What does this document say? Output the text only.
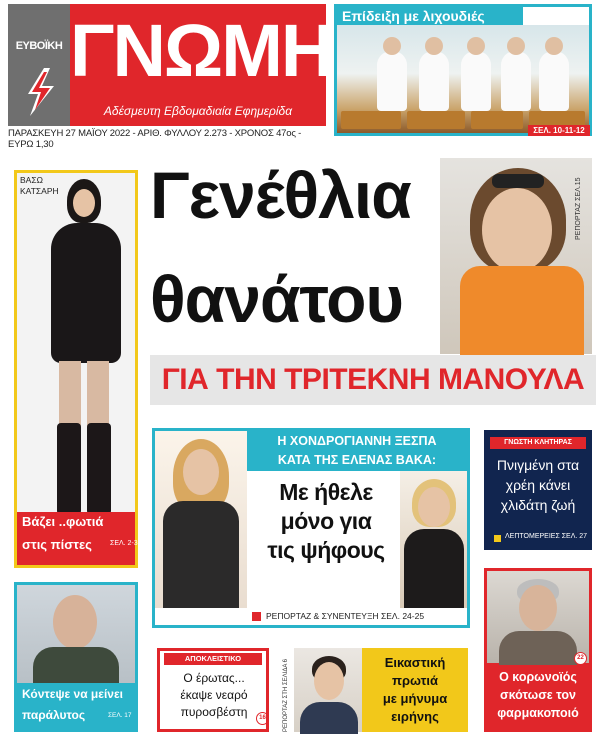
ΕΥΒΟΪΚΗ ΓΝΩΜΗ
Αδέσμευτη Εβδομαδιαία Εφημερίδα
ΠΑΡΑΣΚΕΥΗ 27 ΜΑΪΟΥ 2022 - ΑΡΙΘ. ΦΥΛΛΟΥ 2.273 - ΧΡΟΝΟΣ 47ος - ΕΥΡΩ 1,30
Επίδειξη με λιχουδιές
ΣΕΛ. 10-11-12
ΒΑΣΩ
ΚΑΤΣΑΡΗ
Βάζει ..φωτιά
στις πίστες	ΣΕΛ. 2-3
Γενέθλια
θανάτου
ΡΕΠΟΡΤΑΖ ΣΕΛ.15
ΓΙΑ ΤΗΝ ΤΡΙΤΕΚΝΗ ΜΑΝΟΥΛΑ
Η ΧΟΝΔΡΟΓΙΑΝΝΗ ΞΕΣΠΑ
ΚΑΤΑ ΤΗΣ ΕΛΕΝΑΣ ΒΑΚΑ:
Με ήθελε
μόνο για
τις ψήφους
ΡΕΠΟΡΤΑΖ & ΣΥΝΕΝΤΕΥΞΗ ΣΕΛ. 24-25
ΓΝΩΣΤΗ ΚΛΗΤΗΡΑΣ
Πνιγμένη στα
χρέη κάνει
χλιδάτη ζωή
ΛΕΠΤΟΜΕΡΕΙΕΣ ΣΕΛ. 27
Κόντεψε να μείνει
παράλυτος	ΣΕΛ. 17
ΑΠΟΚΛΕΙΣΤΙΚΟ
Ο έρωτας...
έκαψε νεαρό
πυροσβέστη	16	ΡΕΠΟΡΤΑΖ ΣΤΗ ΣΕΛΙΔΑ 6	Εικαστική
πρωτιά
με μήνυμα
ειρήνης
22
Ο κορωνοϊός
σκότωσε τον
φαρμακοποιό
